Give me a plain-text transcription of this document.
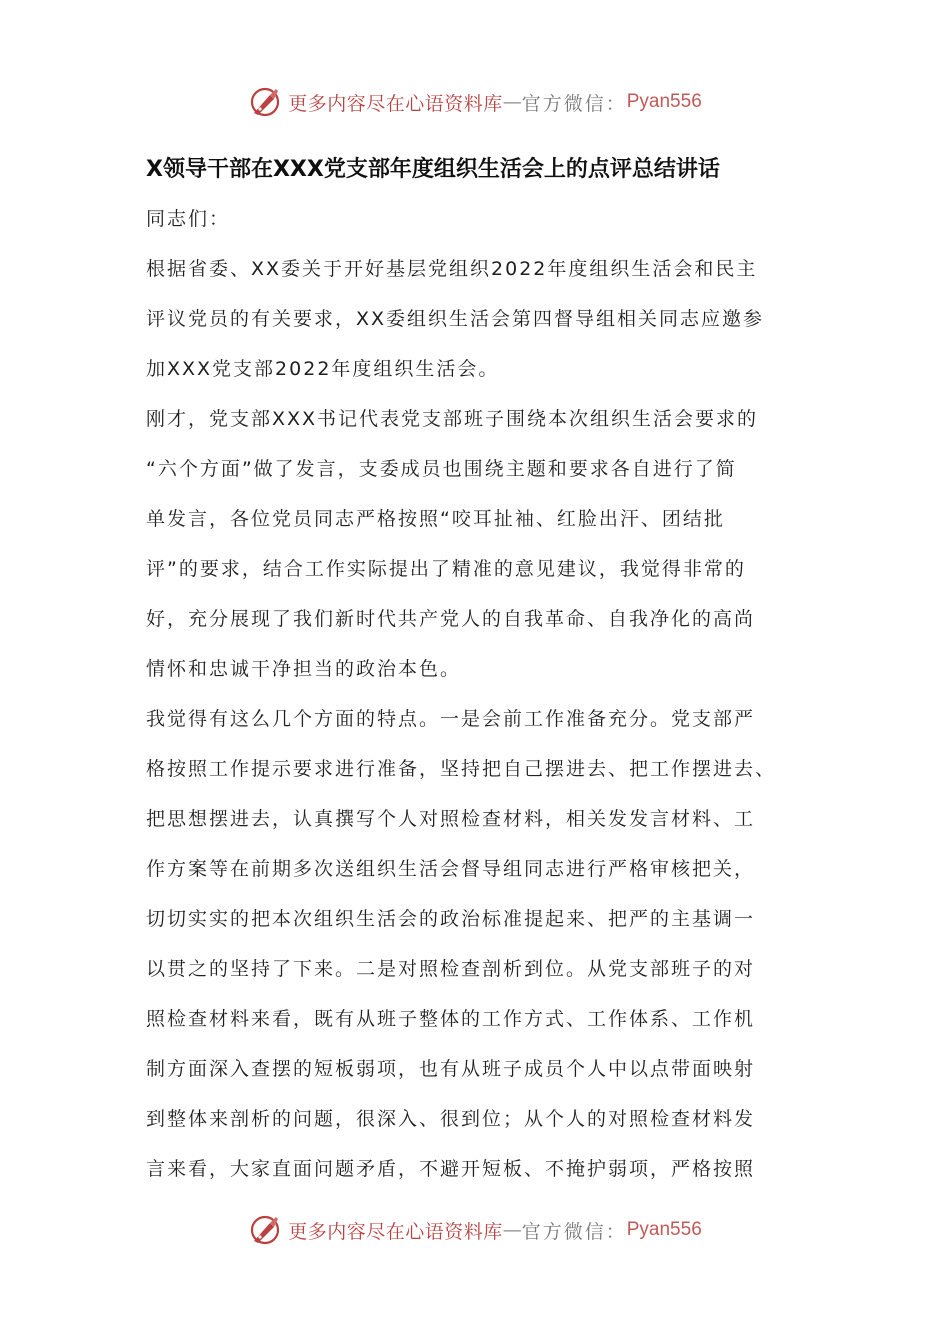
更多内容尽在心语资料库 — 官方微信： Pyan556
X领导干部在XXX党支部年度组织生活会上的点评总结讲话
同志们：
根据省委、XX委关于开好基层党组织2022年度组织生活会和民主
评议党员的有关要求，XX委组织生活会第四督导组相关同志应邀参
加XXX党支部2022年度组织生活会。
刚才，党支部XXX书记代表党支部班子围绕本次组织生活会要求的
“六个方面”做了发言，支委成员也围绕主题和要求各自进行了简
单发言，各位党员同志严格按照“咬耳扯袖、红脸出汗、团结批
评”的要求，结合工作实际提出了精准的意见建议，我觉得非常的
好，充分展现了我们新时代共产党人的自我革命、自我净化的高尚
情怀和忠诚干净担当的政治本色。
我觉得有这么几个方面的特点。一是会前工作准备充分。党支部严
格按照工作提示要求进行准备，坚持把自己摆进去、把工作摆进去、
把思想摆进去，认真撰写个人对照检查材料，相关发发言材料、工
作方案等在前期多次送组织生活会督导组同志进行严格审核把关，
切切实实的把本次组织生活会的政治标准提起来、把严的主基调一
以贯之的坚持了下来。二是对照检查剖析到位。从党支部班子的对
照检查材料来看，既有从班子整体的工作方式、工作体系、工作机
制方面深入查摆的短板弱项，也有从班子成员个人中以点带面映射
到整体来剖析的问题，很深入、很到位；从个人的对照检查材料发
言来看，大家直面问题矛盾，不避开短板、不掩护弱项，严格按照
更多内容尽在心语资料库 — 官方微信： Pyan556
